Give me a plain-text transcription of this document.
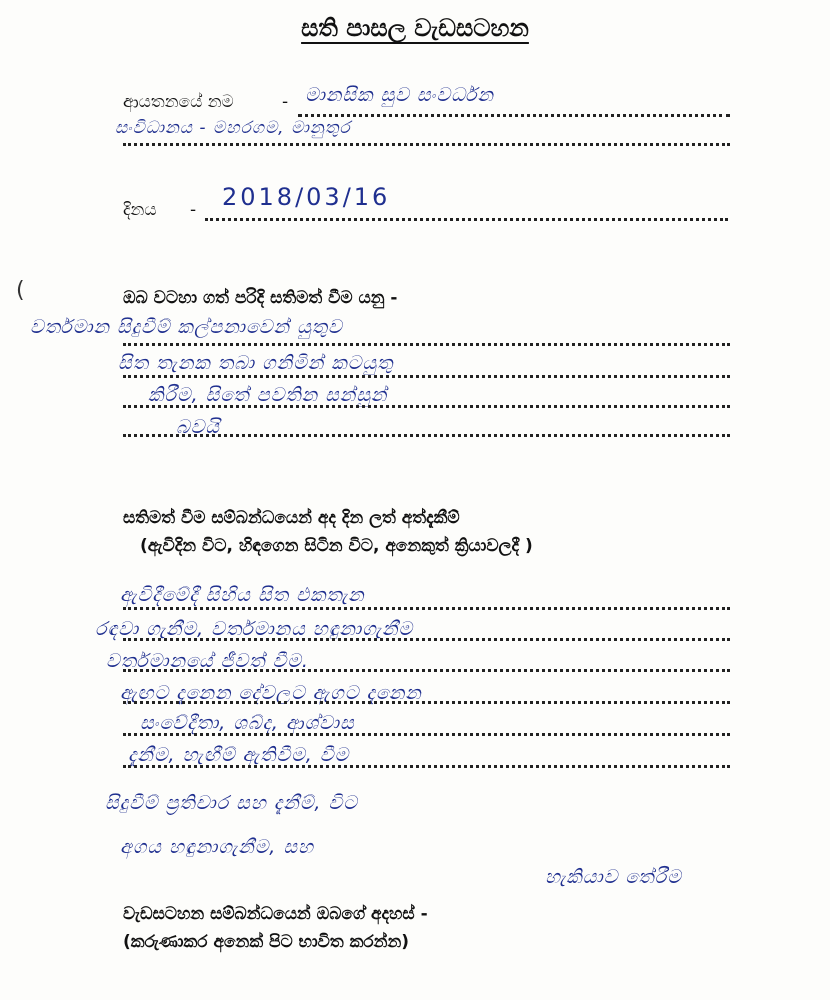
සති පාසල වැඩසටහන
ආයතනයේ නම	- මානසික සුව සංවර්ධන
සංවිධානය - මහරගම, මානුතුර
දිනය - 2018/03/16
(	ඔබ වටහා ගත් පරිදි සතිමත් වීම යනු -
වර්තමාන සිදුවීම් කල්පනාවෙන් යුතුව
සිත තැනක තබා ගනිමින් කටයුතු
කිරීම, සිතේ පවතින සන්සුන්
බවයි
සතිමත් වීම සම්බන්ධයෙන් අද දින ලත් අත්දැකීම්
(ඇවිදින විට, හිඳගෙන සිටින විට, අනෙකුත් ක්‍රියාවලදී )
ඇවිදීමේදී සිහිය සිත එකතැන
රඳවා ගැනීම, වර්තමානය හඳුනාගැනීම
වර්තමානයේ ජීවත් වීම.
ඇඟට දැනෙන දේවලට ඇගට දැනෙන
සංවේදීතා, ශබ්ද, ආශ්වාස
දැනීම, හැඟීම් ඇතිවීම, වීම
සිදුවීම් ප්‍රතිචාර සහ දැනීම්, විට
අගය හඳුනාගැනීම, සහ
හැකියාව තේරීම
වැඩසටහන සම්බන්ධයෙන් ඔබගේ අදහස් -
(කරුණාකර අනෙක් පිට භාවිත කරන්න)
